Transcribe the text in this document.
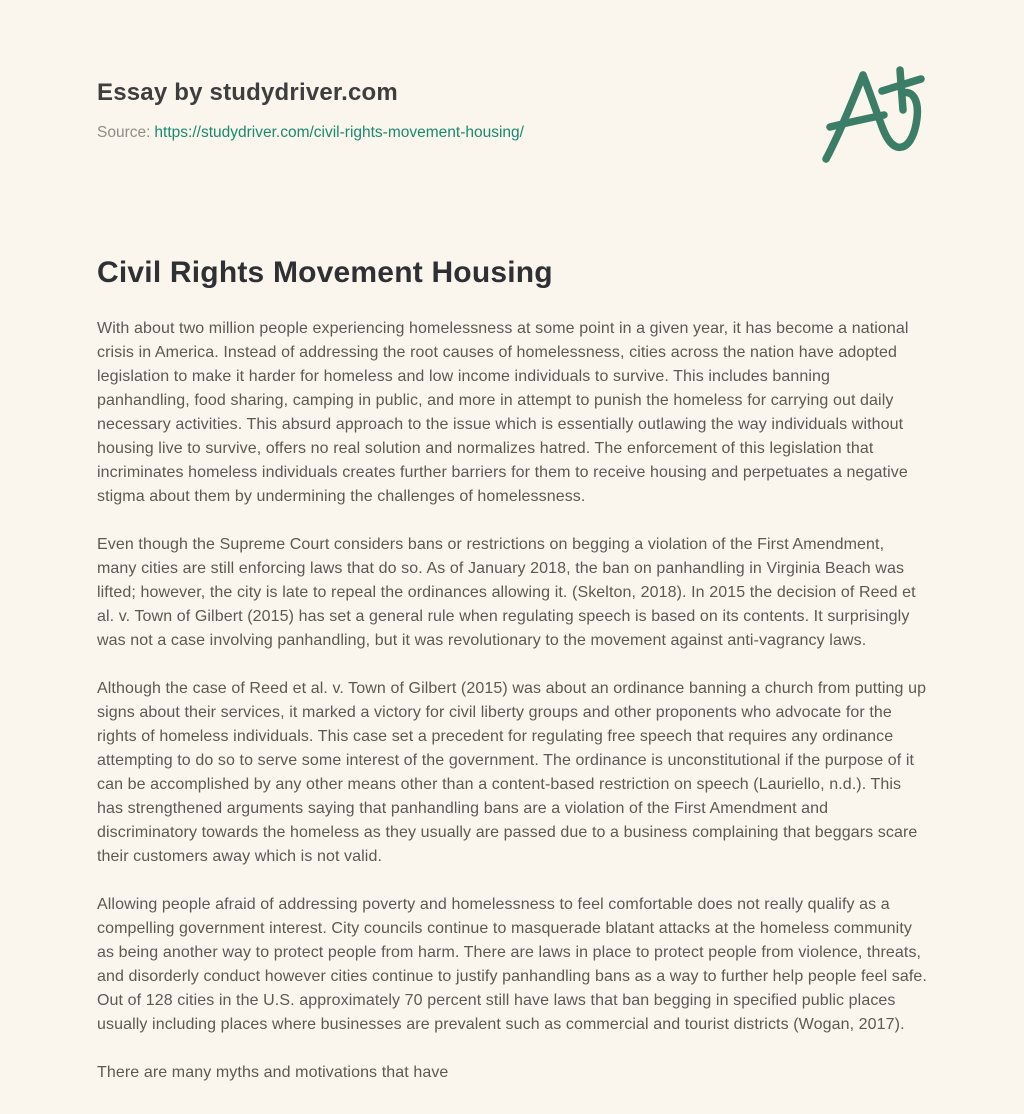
Essay by studydriver.com
Source: https://studydriver.com/civil-rights-movement-housing/
Civil Rights Movement Housing

With about two million people experiencing homelessness at some point in a given year, it has become a national crisis in America. Instead of addressing the root causes of homelessness, cities across the nation have adopted legislation to make it harder for homeless and low income individuals to survive. This includes banning panhandling, food sharing, camping in public, and more in attempt to punish the homeless for carrying out daily necessary activities. This absurd approach to the issue which is essentially outlawing the way individuals without housing live to survive, offers no real solution and normalizes hatred. The enforcement of this legislation that incriminates homeless individuals creates further barriers for them to receive housing and perpetuates a negative stigma about them by undermining the challenges of homelessness.

Even though the Supreme Court considers bans or restrictions on begging a violation of the First Amendment, many cities are still enforcing laws that do so. As of January 2018, the ban on panhandling in Virginia Beach was lifted; however, the city is late to repeal the ordinances allowing it. (Skelton, 2018). In 2015 the decision of Reed et al. v. Town of Gilbert (2015) has set a general rule when regulating speech is based on its contents. It surprisingly was not a case involving panhandling, but it was revolutionary to the movement against anti-vagrancy laws.

Although the case of Reed et al. v. Town of Gilbert (2015) was about an ordinance banning a church from putting up signs about their services, it marked a victory for civil liberty groups and other proponents who advocate for the rights of homeless individuals. This case set a precedent for regulating free speech that requires any ordinance attempting to do so to serve some interest of the government. The ordinance is unconstitutional if the purpose of it can be accomplished by any other means other than a content-based restriction on speech (Lauriello, n.d.). This has strengthened arguments saying that panhandling bans are a violation of the First Amendment and discriminatory towards the homeless as they usually are passed due to a business complaining that beggars scare their customers away which is not valid.

Allowing people afraid of addressing poverty and homelessness to feel comfortable does not really qualify as a compelling government interest. City councils continue to masquerade blatant attacks at the homeless community as being another way to protect people from harm. There are laws in place to protect people from violence, threats, and disorderly conduct however cities continue to justify panhandling bans as a way to further help people feel safe. Out of 128 cities in the U.S. approximately 70 percent still have laws that ban begging in specified public places usually including places where businesses are prevalent such as commercial and tourist districts (Wogan, 2017).

There are many myths and motivations that have
